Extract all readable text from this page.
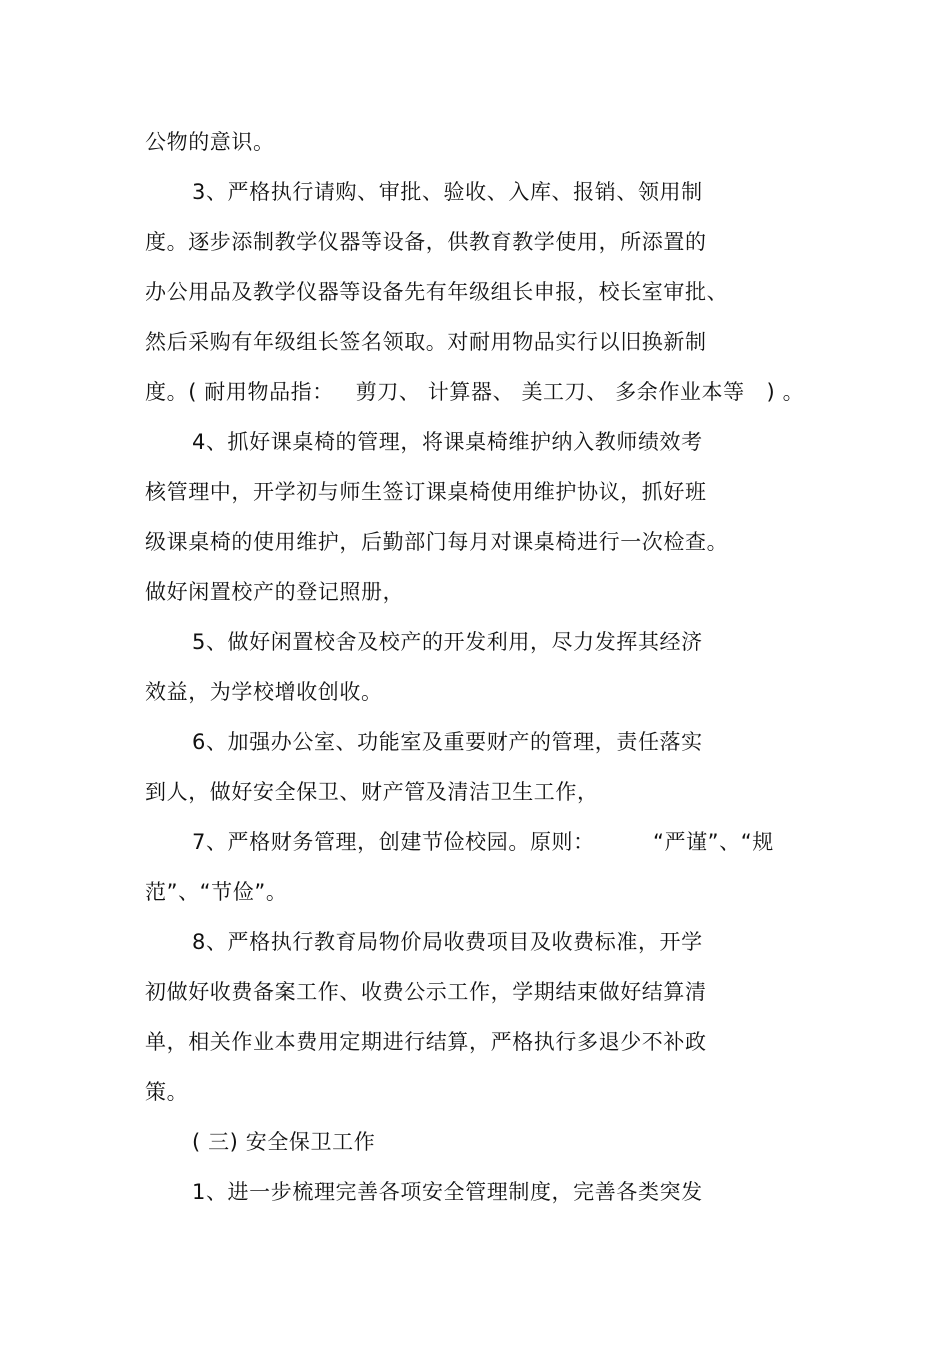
公物的意识。
3、严格执行请购、审批、验收、入库、报销、领用制
度。逐步添制教学仪器等设备，供教育教学使用，所添置的
办公用品及教学仪器等设备先有年级组长申报，校长室审批、
然后采购有年级组长签名领取。对耐用物品实行以旧换新制
度。( 耐用物品指：   剪刀、 计算器、 美工刀、 多余作业本等   ) 。
4、抓好课桌椅的管理，将课桌椅维护纳入教师绩效考
核管理中，开学初与师生签订课桌椅使用维护协议，抓好班
级课桌椅的使用维护，后勤部门每月对课桌椅进行一次检查。
做好闲置校产的登记照册，
5、做好闲置校舍及校产的开发利用，尽力发挥其经济
效益，为学校增收创收。
6、加强办公室、功能室及重要财产的管理，责任落实
到人，做好安全保卫、财产管及清洁卫生工作，
7、严格财务管理，创建节俭校园。原则：        “严谨”、“规
范”、“节俭”。
8、严格执行教育局物价局收费项目及收费标准，开学
初做好收费备案工作、收费公示工作，学期结束做好结算清
单，相关作业本费用定期进行结算，严格执行多退少不补政
策。
( 三) 安全保卫工作
1、进一步梳理完善各项安全管理制度，完善各类突发
